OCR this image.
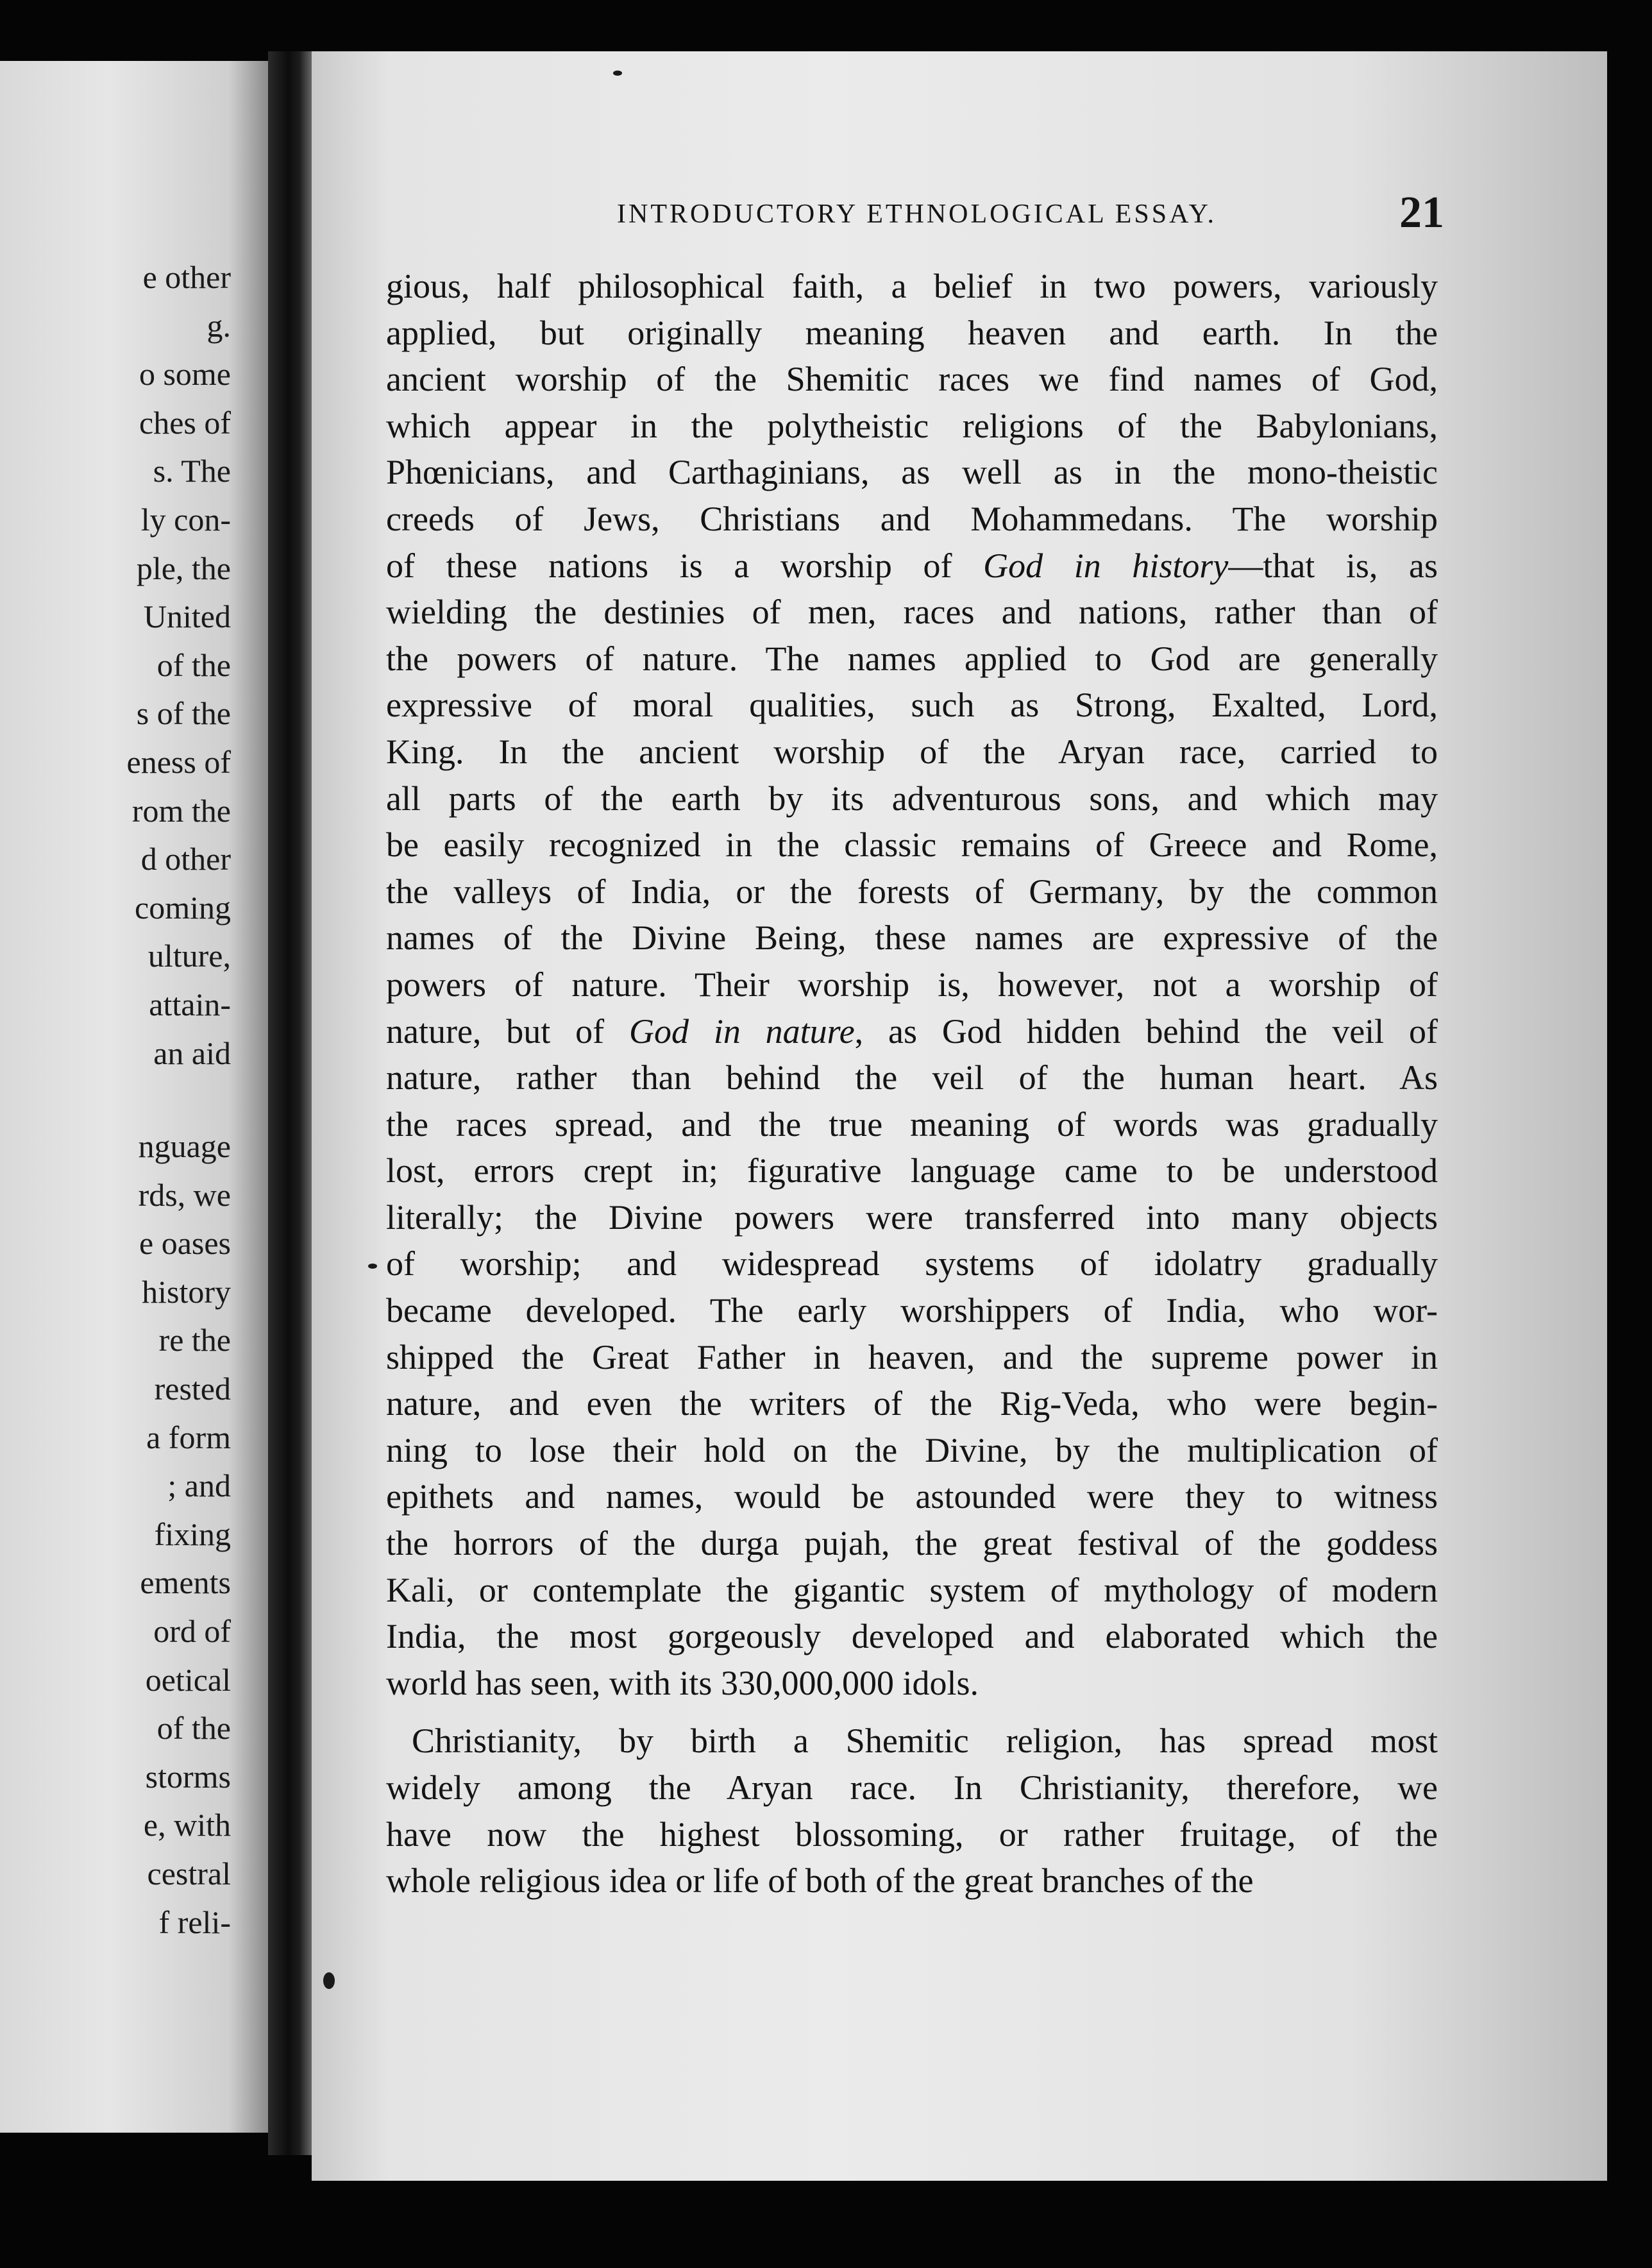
e other
g.
o some
ches of
s. The
ly con-
ple, the
United
of the
s of the
eness of
rom the
d other
coming
ulture,
attain-
an aid
nguage
rds, we
e oases
history
re the
rested
a form
; and
fixing
ements
ord of
oetical
of the
storms
e, with
cestral
f reli-
INTRODUCTORY ETHNOLOGICAL ESSAY.	21
gious, half philosophical faith, a belief in two powers, variously
applied, but originally meaning heaven and earth. In the
ancient worship of the Shemitic races we find names of God,
which appear in the polytheistic religions of the Babylonians,
Phœnicians, and Carthaginians, as well as in the mono-theistic
creeds of Jews, Christians and Mohammedans. The worship
of these nations is a worship of God in history—that is, as
wielding the destinies of men, races and nations, rather than of
the powers of nature. The names applied to God are generally
expressive of moral qualities, such as Strong, Exalted, Lord,
King. In the ancient worship of the Aryan race, carried to
all parts of the earth by its adventurous sons, and which may
be easily recognized in the classic remains of Greece and Rome,
the valleys of India, or the forests of Germany, by the common
names of the Divine Being, these names are expressive of the
powers of nature. Their worship is, however, not a worship of
nature, but of God in nature, as God hidden behind the veil of
nature, rather than behind the veil of the human heart. As
the races spread, and the true meaning of words was gradually
lost, errors crept in; figurative language came to be understood
literally; the Divine powers were transferred into many objects
of worship; and widespread systems of idolatry gradually
became developed. The early worshippers of India, who wor-
shipped the Great Father in heaven, and the supreme power in
nature, and even the writers of the Rig-Veda, who were begin-
ning to lose their hold on the Divine, by the multiplication of
epithets and names, would be astounded were they to witness
the horrors of the durga pujah, the great festival of the goddess
Kali, or contemplate the gigantic system of mythology of modern
India, the most gorgeously developed and elaborated which the
world has seen, with its 330,000,000 idols.
Christianity, by birth a Shemitic religion, has spread most
widely among the Aryan race. In Christianity, therefore, we
have now the highest blossoming, or rather fruitage, of the
whole religious idea or life of both of the great branches of the
